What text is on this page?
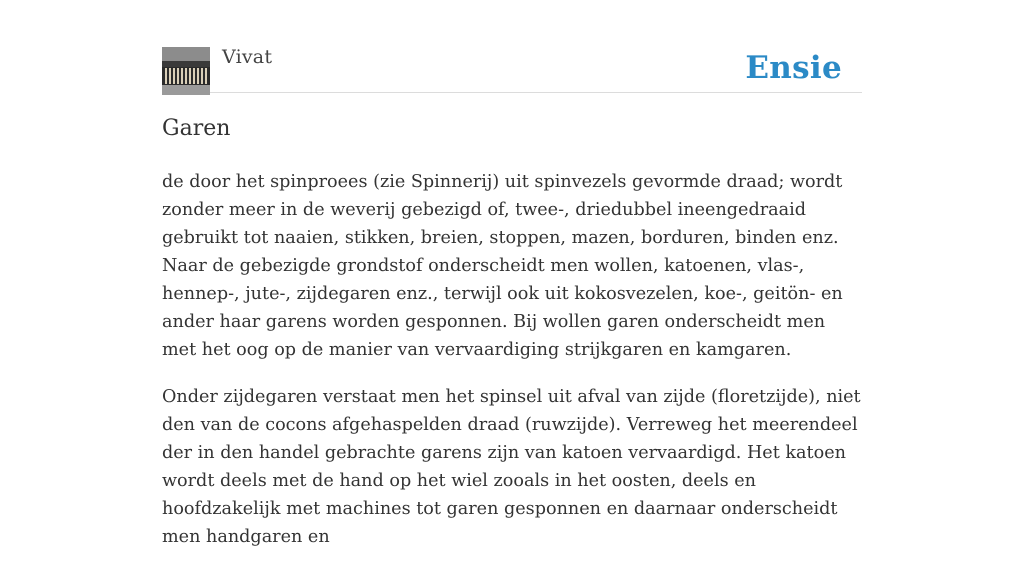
Vivat	Ensie
Garen

de door het spinproees (zie Spinnerij) uit spinvezels gevormde draad; wordt zonder meer in de weverij gebezigd of, twee-, driedubbel ineengedraaid gebruikt tot naaien, stikken, breien, stoppen, mazen, borduren, binden enz. Naar de gebezigde grondstof onderscheidt men wollen, katoenen, vlas-, hennep-, jute-, zijdegaren enz., terwijl ook uit kokosvezelen, koe-, geitön- en ander haar garens worden gesponnen. Bij wollen garen onderscheidt men met het oog op de manier van vervaardiging strijkgaren en kamgaren.

Onder zijdegaren verstaat men het spinsel uit afval van zijde (floretzijde), niet den van de cocons afgehaspelden draad (ruwzijde). Verreweg het meerendeel der in den handel gebrachte garens zijn van katoen vervaardigd. Het katoen wordt deels met de hand op het wiel zooals in het oosten, deels en hoofdzakelijk met machines tot garen gesponnen en daarnaar onderscheidt men handgaren en
